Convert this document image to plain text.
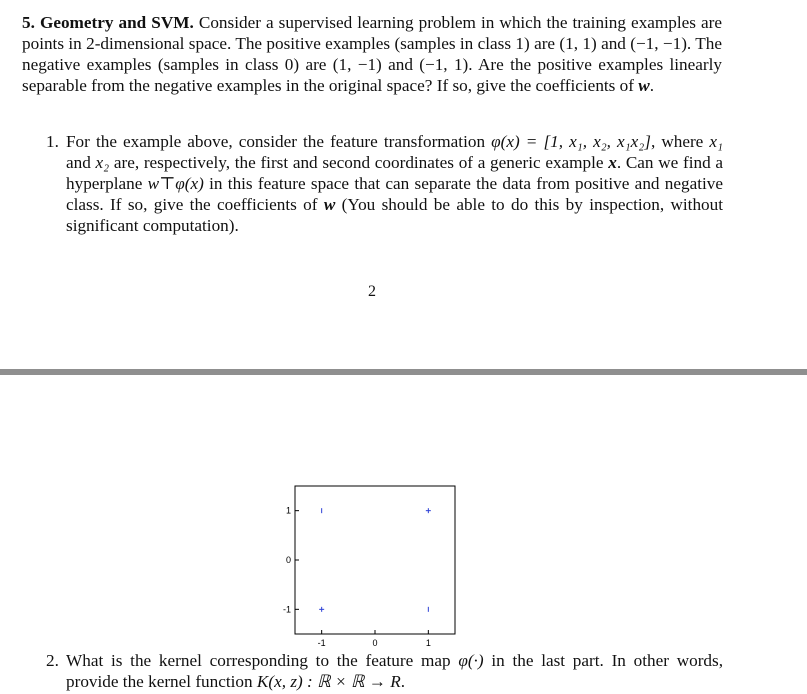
5. Geometry and SVM. Consider a supervised learning problem in which the training examples are points in 2-dimensional space. The positive examples (samples in class 1) are (1, 1) and (−1, −1). The negative examples (samples in class 0) are (1, −1) and (−1, 1). Are the positive examples linearly separable from the negative examples in the original space? If so, give the coefficients of w.

1. For the example above, consider the feature transformation φ(x) = [1, x₁, x₂, x₁x₂], where x₁ and x₂ are, respectively, the first and second coordinates of a generic example x. Can we find a hyperplane w⊤φ(x) in this feature space that can separate the data from positive and negative class. If so, give the coefficients of w (You should be able to do this by inspection, without significant computation).

2
-1	0	1
1
0
-1

2. What is the kernel corresponding to the feature map φ(·) in the last part. In other words, provide the kernel function K(x, z) : ℝ × ℝ → R.
